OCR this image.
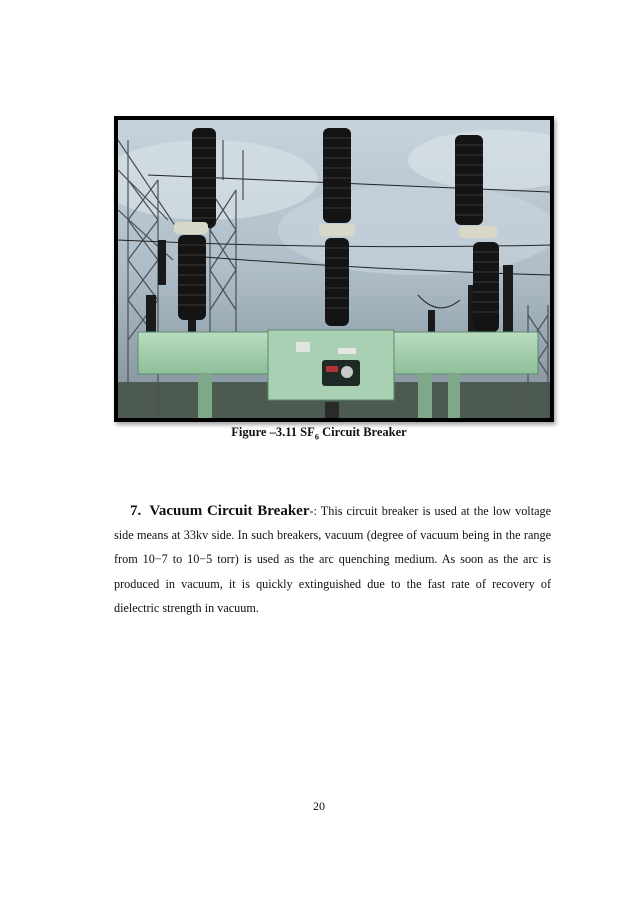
Figure –3.11 $SF_6$ Circuit Breaker
7. Vacuum Circuit Breaker-: This circuit breaker is used at the low voltage side means at 33kv side. In such breakers, vacuum (degree of vacuum being in the range from 10−7 to 10−5 torr) is used as the arc quenching medium. As soon as the arc is produced in vacuum, it is quickly extinguished due to the fast rate of recovery of dielectric strength in vacuum.
20
